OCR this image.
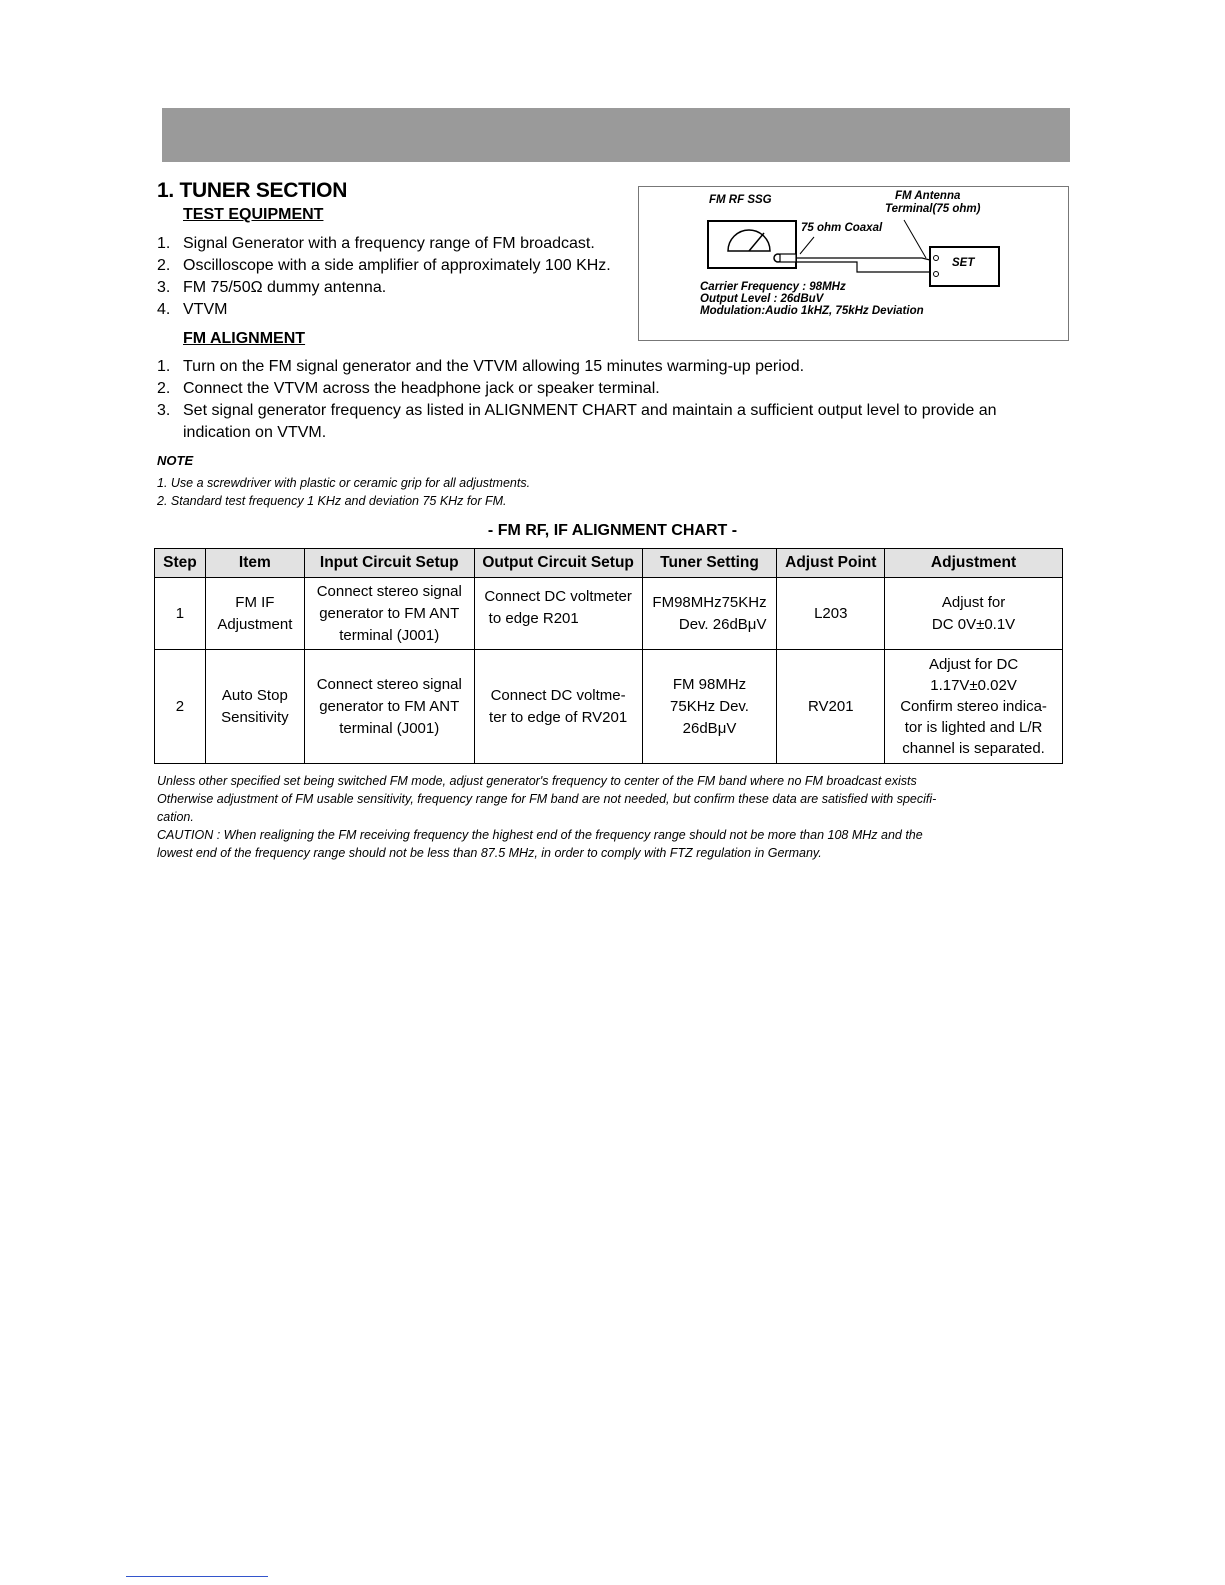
1. TUNER SECTION
TEST EQUIPMENT
1. Signal Generator with a frequency range of FM broadcast.
2. Oscilloscope with a side amplifier of approximately 100 KHz.
3. FM 75/50Ω dummy antenna.
4. VTVM
FM ALIGNMENT
1. Turn on the FM signal generator and the VTVM allowing 15 minutes warming-up period.
2. Connect the VTVM across the headphone jack or speaker terminal.
3. Set signal generator frequency as listed in ALIGNMENT CHART and maintain a sufficient output level to provide an
indication on VTVM.
FM RF SSG	FM Antenna
Terminal(75 ohm)
75 ohm Coaxal
SET
Carrier Frequency : 98MHz
Output Level : 26dBuV
Modulation:Audio 1kHZ, 75kHz Deviation
NOTE
1. Use a screwdriver with plastic or ceramic grip for all adjustments.
2. Standard test frequency 1 KHz and deviation 75 KHz for FM.
- FM RF, IF ALIGNMENT CHART -
Step	Item	Input Circuit Setup	Output Circuit Setup	Tuner Setting	Adjust Point	Adjustment
1	FM IF
Adjustment	Connect stereo signal
generator to FM ANT
terminal (J001)	Connect DC voltmeter
to edge R201	FM98MHz75KHz
Dev. 26dBμV	L203	Adjust for
DC 0V±0.1V

2	Auto Stop
Sensitivity	Connect stereo signal
generator to FM ANT
terminal (J001)	Connect DC voltme-
ter to edge of RV201	FM 98MHz
75KHz Dev.
26dBμV	RV201	Adjust for DC
1.17V±0.02V
Confirm stereo indica-
tor is lighted and L/R
channel is separated.
Unless other specified set being switched FM mode, adjust generator's frequency to center of the FM band where no FM broadcast exists
Otherwise adjustment of FM usable sensitivity, frequency range for FM band are not needed, but confirm these data are satisfied with specifi-
cation.
CAUTION : When realigning the FM receiving frequency the highest end of the frequency range should not be more than 108 MHz and the
lowest end of the frequency range should not be less than 87.5 MHz, in order to comply with FTZ regulation in Germany.
